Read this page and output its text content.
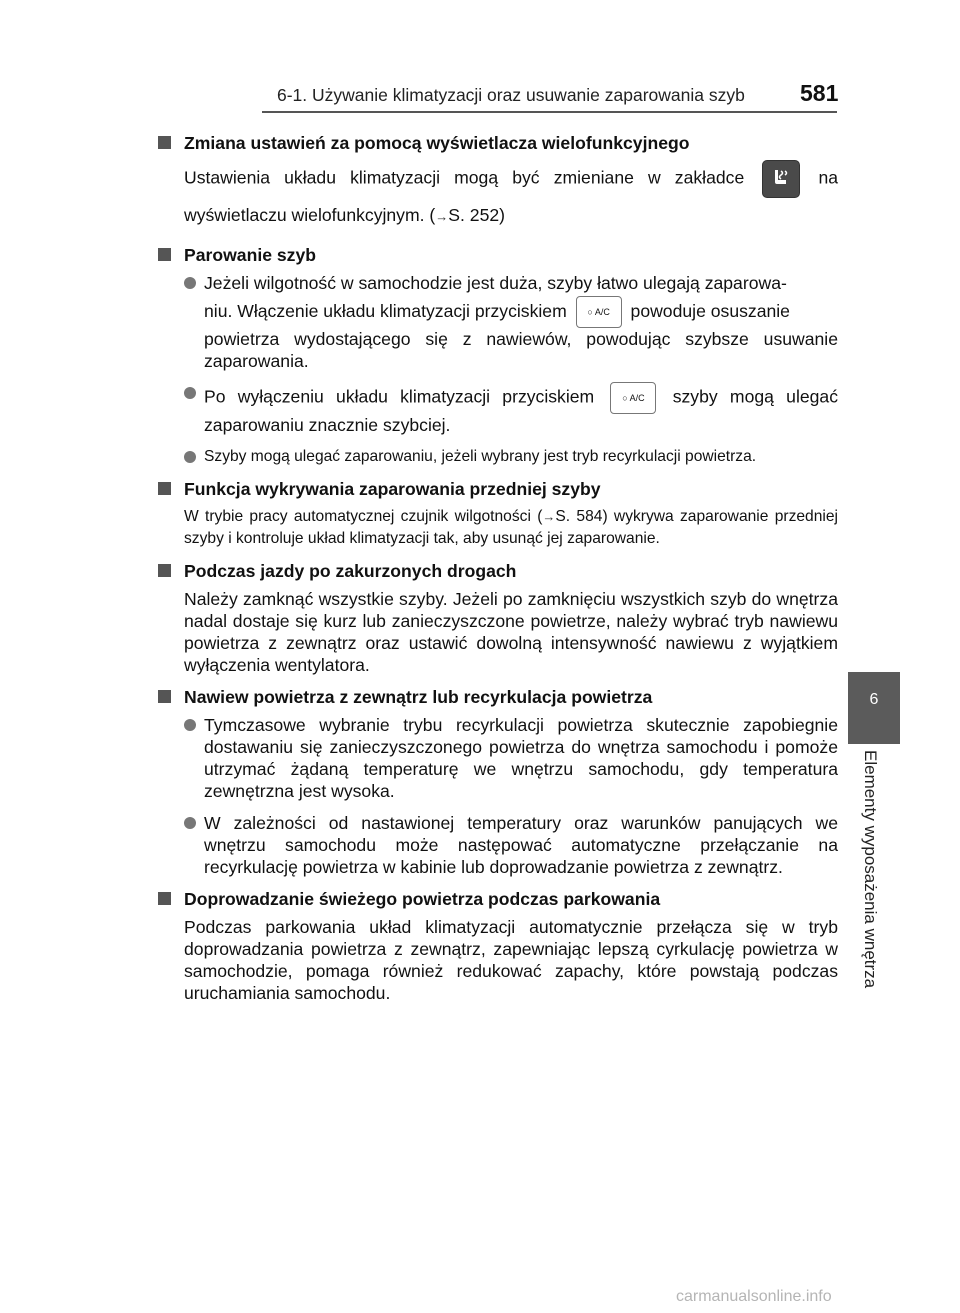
6-1. Używanie klimatyzacji oraz usuwanie zaparowania szyb 581
6
Elementy wyposażenia wnętrza
Zmiana ustawień za pomocą wyświetlacza wielofunkcyjnego
Ustawienia układu klimatyzacji mogą być zmieniane w zakładce	na wyświetlaczu wielofunkcyjnym. (→S. 252)
Parowanie szyb
Jeżeli wilgotność w samochodzie jest duża, szyby łatwo ulegają zaparowa-
niu. Włączenie układu klimatyzacji przyciskiem ○ A/C powoduje osuszanie
powietrza wydostającego się z nawiewów, powodując szybsze usuwanie zaparowania.
Po wyłączeniu układu klimatyzacji przyciskiem	○ A/C szyby mogą ulegać zaparowaniu znacznie szybciej.
Szyby mogą ulegać zaparowaniu, jeżeli wybrany jest tryb recyrkulacji powietrza.
Funkcja wykrywania zaparowania przedniej szyby
W trybie pracy automatycznej czujnik wilgotności (→S. 584) wykrywa zaparowanie przedniej szyby i kontroluje układ klimatyzacji tak, aby usunąć jej zaparowanie.
Podczas jazdy po zakurzonych drogach
Należy zamknąć wszystkie szyby. Jeżeli po zamknięciu wszystkich szyb do wnętrza nadal dostaje się kurz lub zanieczyszczone powietrze, należy wybrać tryb nawiewu powietrza z zewnątrz oraz ustawić dowolną intensywność nawiewu z wyjątkiem wyłączenia wentylatora.
Nawiew powietrza z zewnątrz lub recyrkulacja powietrza
Tymczasowe wybranie trybu recyrkulacji powietrza skutecznie zapobiegnie dostawaniu się zanieczyszczonego powietrza do wnętrza samochodu i pomoże utrzymać żądaną temperaturę we wnętrzu samochodu, gdy temperatura zewnętrzna jest wysoka.
W zależności od nastawionej temperatury oraz warunków panujących we wnętrzu samochodu może następować automatyczne przełączanie na recyrkulację powietrza w kabinie lub doprowadzanie powietrza z zewnątrz.
Doprowadzanie świeżego powietrza podczas parkowania
Podczas parkowania układ klimatyzacji automatycznie przełącza się w tryb doprowadzania powietrza z zewnątrz, zapewniając lepszą cyrkulację powietrza w samochodzie, pomaga również redukować zapachy, które powstają podczas uruchamiania samochodu.
carmanualsonline.info
